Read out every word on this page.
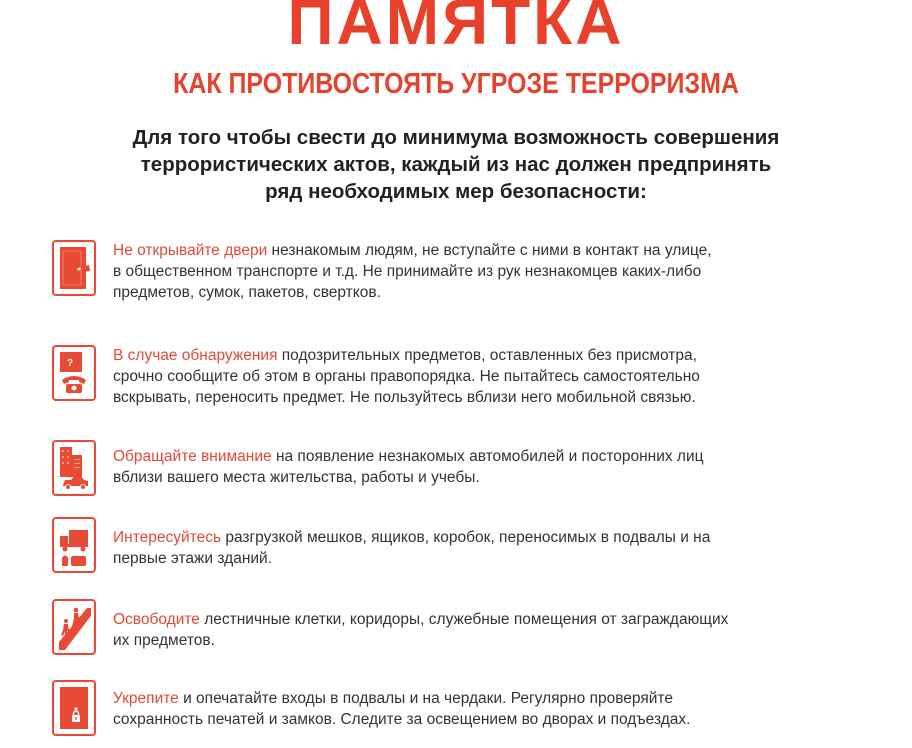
ПАМЯТКА
КАК ПРОТИВОСТОЯТЬ УГРОЗЕ ТЕРРОРИЗМА
Для того чтобы свести до минимума возможность совершения
террористических актов, каждый из нас должен предпринять
ряд необходимых мер безопасности:
Не открывайте двери незнакомым людям, не вступайте с ними в контакт на улице,
в общественном транспорте и т.д. Не принимайте из рук незнакомцев каких-либо
предметов, сумок, пакетов, свертков.
?	В случае обнаружения подозрительных предметов, оставленных без присмотра,
срочно сообщите об этом в органы правопорядка. Не пытайтесь самостоятельно
вскрывать, переносить предмет. Не пользуйтесь вблизи него мобильной связью.
Обращайте внимание на появление незнакомых автомобилей и посторонних лиц
вблизи вашего места жительства, работы и учебы.
Интересуйтесь разгрузкой мешков, ящиков, коробок, переносимых в подвалы и на
первые этажи зданий.
Освободите лестничные клетки, коридоры, служебные помещения от заграждающих
их предметов.
Укрепите и опечатайте входы в подвалы и на чердаки. Регулярно проверяйте
сохранность печатей и замков. Следите за освещением во дворах и подъездах.
